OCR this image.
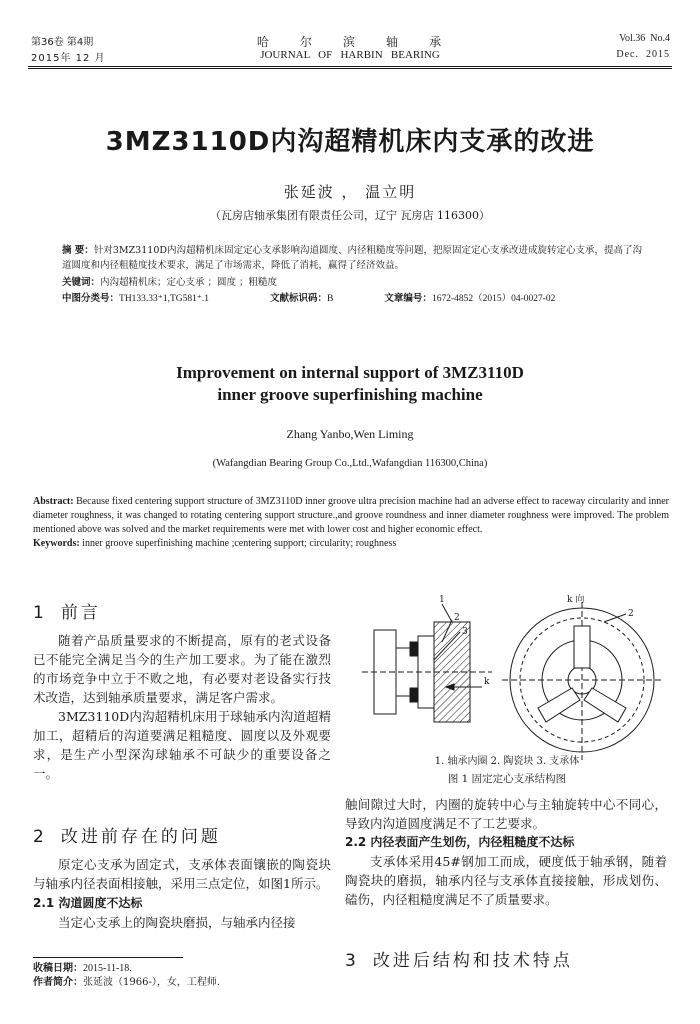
第36卷 第4期
2015年 12 月
哈     尔     滨     轴     承
JOURNAL   OF   HARBIN   BEARING
Vol.36  No.4
Dec.  2015
3MZ3110D内沟超精机床内支承的改进
张延波 ， 温立明
（瓦房店轴承集团有限责任公司，辽宁 瓦房店 116300）
摘 要：针对3MZ3110D内沟超精机床固定定心支承影响沟道圆度、内径粗糙度等问题，把原固定定心支承改进成旋转定心支承，提高了沟道圆度和内径粗糙度技术要求，满足了市场需求，降低了消耗，赢得了经济效益。
关键词：内沟超精机床；定心支承 ；圆度 ；粗糙度
中图分类号：TH133.33⁺1,TG581⁺.1	文献标识码：B	文章编号：1672-4852（2015）04-0027-02
Improvement on internal support of 3MZ3110D
inner groove superfinishing machine
Zhang Yanbo,Wen Liming
(Wafangdian Bearing Group Co.,Ltd.,Wafangdian 116300,China)
Abstract: Because fixed centering support structure of 3MZ3110D inner groove ultra precision machine had an adverse effect to raceway circularity and inner diameter roughness, it was changed to rotating centering support structure.,and groove roundness and inner diameter roughness were improved. The problem mentioned above was solved and the market requirements were met with lower cost and higher economic effect.
Keywords: inner groove superfinishing machine ;centering support; circularity; roughness
1 前言

随着产品质量要求的不断提高，原有的老式设备已不能完全满足当今的生产加工要求。为了能在激烈的市场竞争中立于不败之地，有必要对老设备实行技术改造，达到轴承质量要求，满足客户需求。

3MZ3110D内沟超精机床用于球轴承内沟道超精加工，超精后的沟道要满足粗糙度、圆度以及外观要求，是生产小型深沟球轴承不可缺少的重要设备之一。

2 改进前存在的问题

原定心支承为固定式，支承体表面镶嵌的陶瓷块与轴承内径表面相接触，采用三点定位，如图1所示。

2.1 沟道圆度不达标

当定心支承上的陶瓷块磨损，与轴承内径接

1
2
3
k
k 向
2
1. 轴承内圈 2. 陶瓷块 3. 支承体
图 1 固定定心支承结构图

触间隙过大时，内圈的旋转中心与主轴旋转中心不同心，导致内沟道圆度满足不了工艺要求。

2.2 内径表面产生划伤，内径粗糙度不达标

支承体采用45#钢加工而成，硬度低于轴承钢，随着陶瓷块的磨损，轴承内径与支承体直接接触，形成划伤、磕伤，内径粗糙度满足不了质量要求。

3 改进后结构和技术特点
收稿日期：2015-11-18.
作者简介：张延波（1966-），女，工程师.
